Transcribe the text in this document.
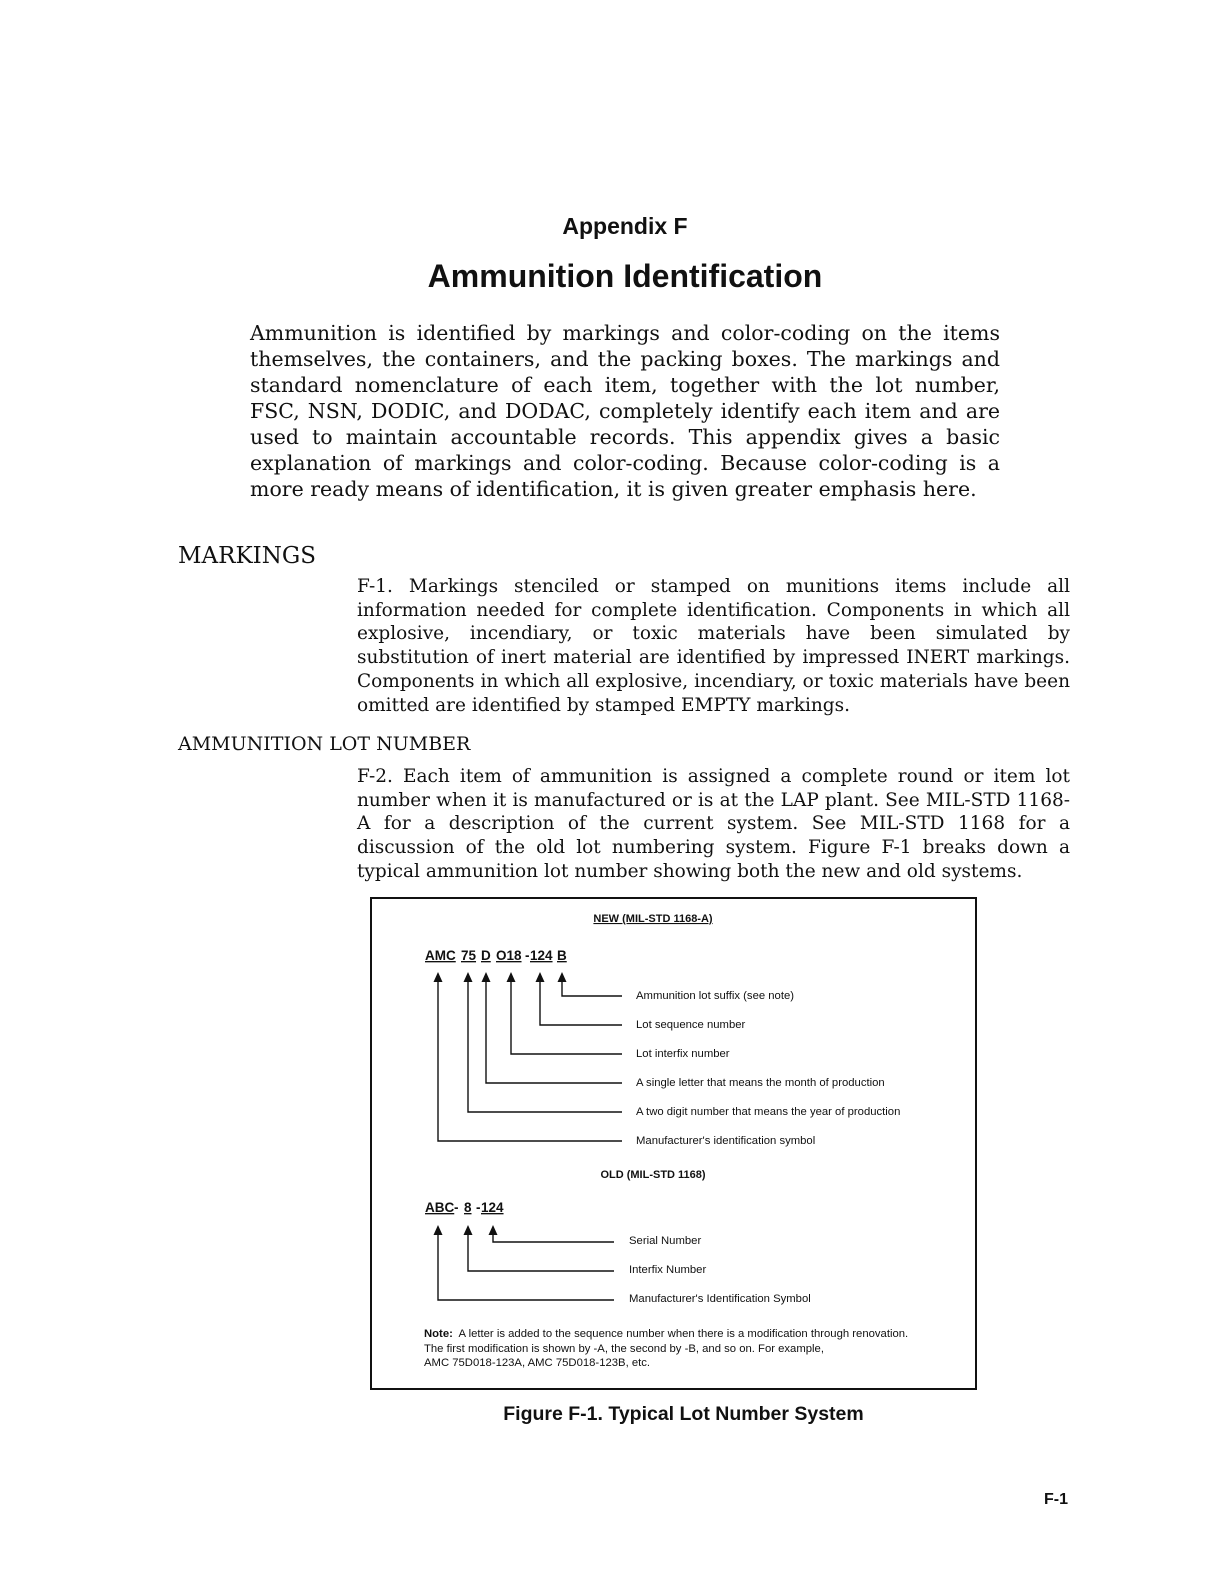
Appendix F
Ammunition Identification

Ammunition is identified by markings and color-coding on the items themselves, the containers, and the packing boxes. The markings and standard nomenclature of each item, together with the lot number, FSC, NSN, DODIC, and DODAC, completely identify each item and are used to maintain accountable records. This appendix gives a basic explanation of markings and color-coding. Because color-coding is a more ready means of identification, it is given greater emphasis here.

MARKINGS

F-1. Markings stenciled or stamped on munitions items include all information needed for complete identification. Components in which all explosive, incendiary, or toxic materials have been simulated by substitution of inert material are identified by impressed INERT markings. Components in which all explosive, incendiary, or toxic materials have been omitted are identified by stamped EMPTY markings.

AMMUNITION LOT NUMBER

F-2. Each item of ammunition is assigned a complete round or item lot number when it is manufactured or is at the LAP plant. See MIL-STD 1168-A for a description of the current system. See MIL-STD 1168 for a discussion of the old lot numbering system. Figure F-1 breaks down a typical ammunition lot number showing both the new and old systems.

NEW (MIL-STD 1168-A)
AMC 75 D O18 - 124 B
Ammunition lot suffix (see note)
Lot sequence number
Lot interfix number
A single letter that means the month of production
A two digit number that means the year of production
Manufacturer's identification symbol
OLD (MIL-STD 1168)
ABC - 8 - 124
Serial Number
Interfix Number
Manufacturer's Identification Symbol

Note: A letter is added to the sequence number when there is a modification through renovation.
The first modification is shown by -A, the second by -B, and so on. For example,
AMC 75D018-123A, AMC 75D018-123B, etc.

Figure F-1. Typical Lot Number System
F-1
